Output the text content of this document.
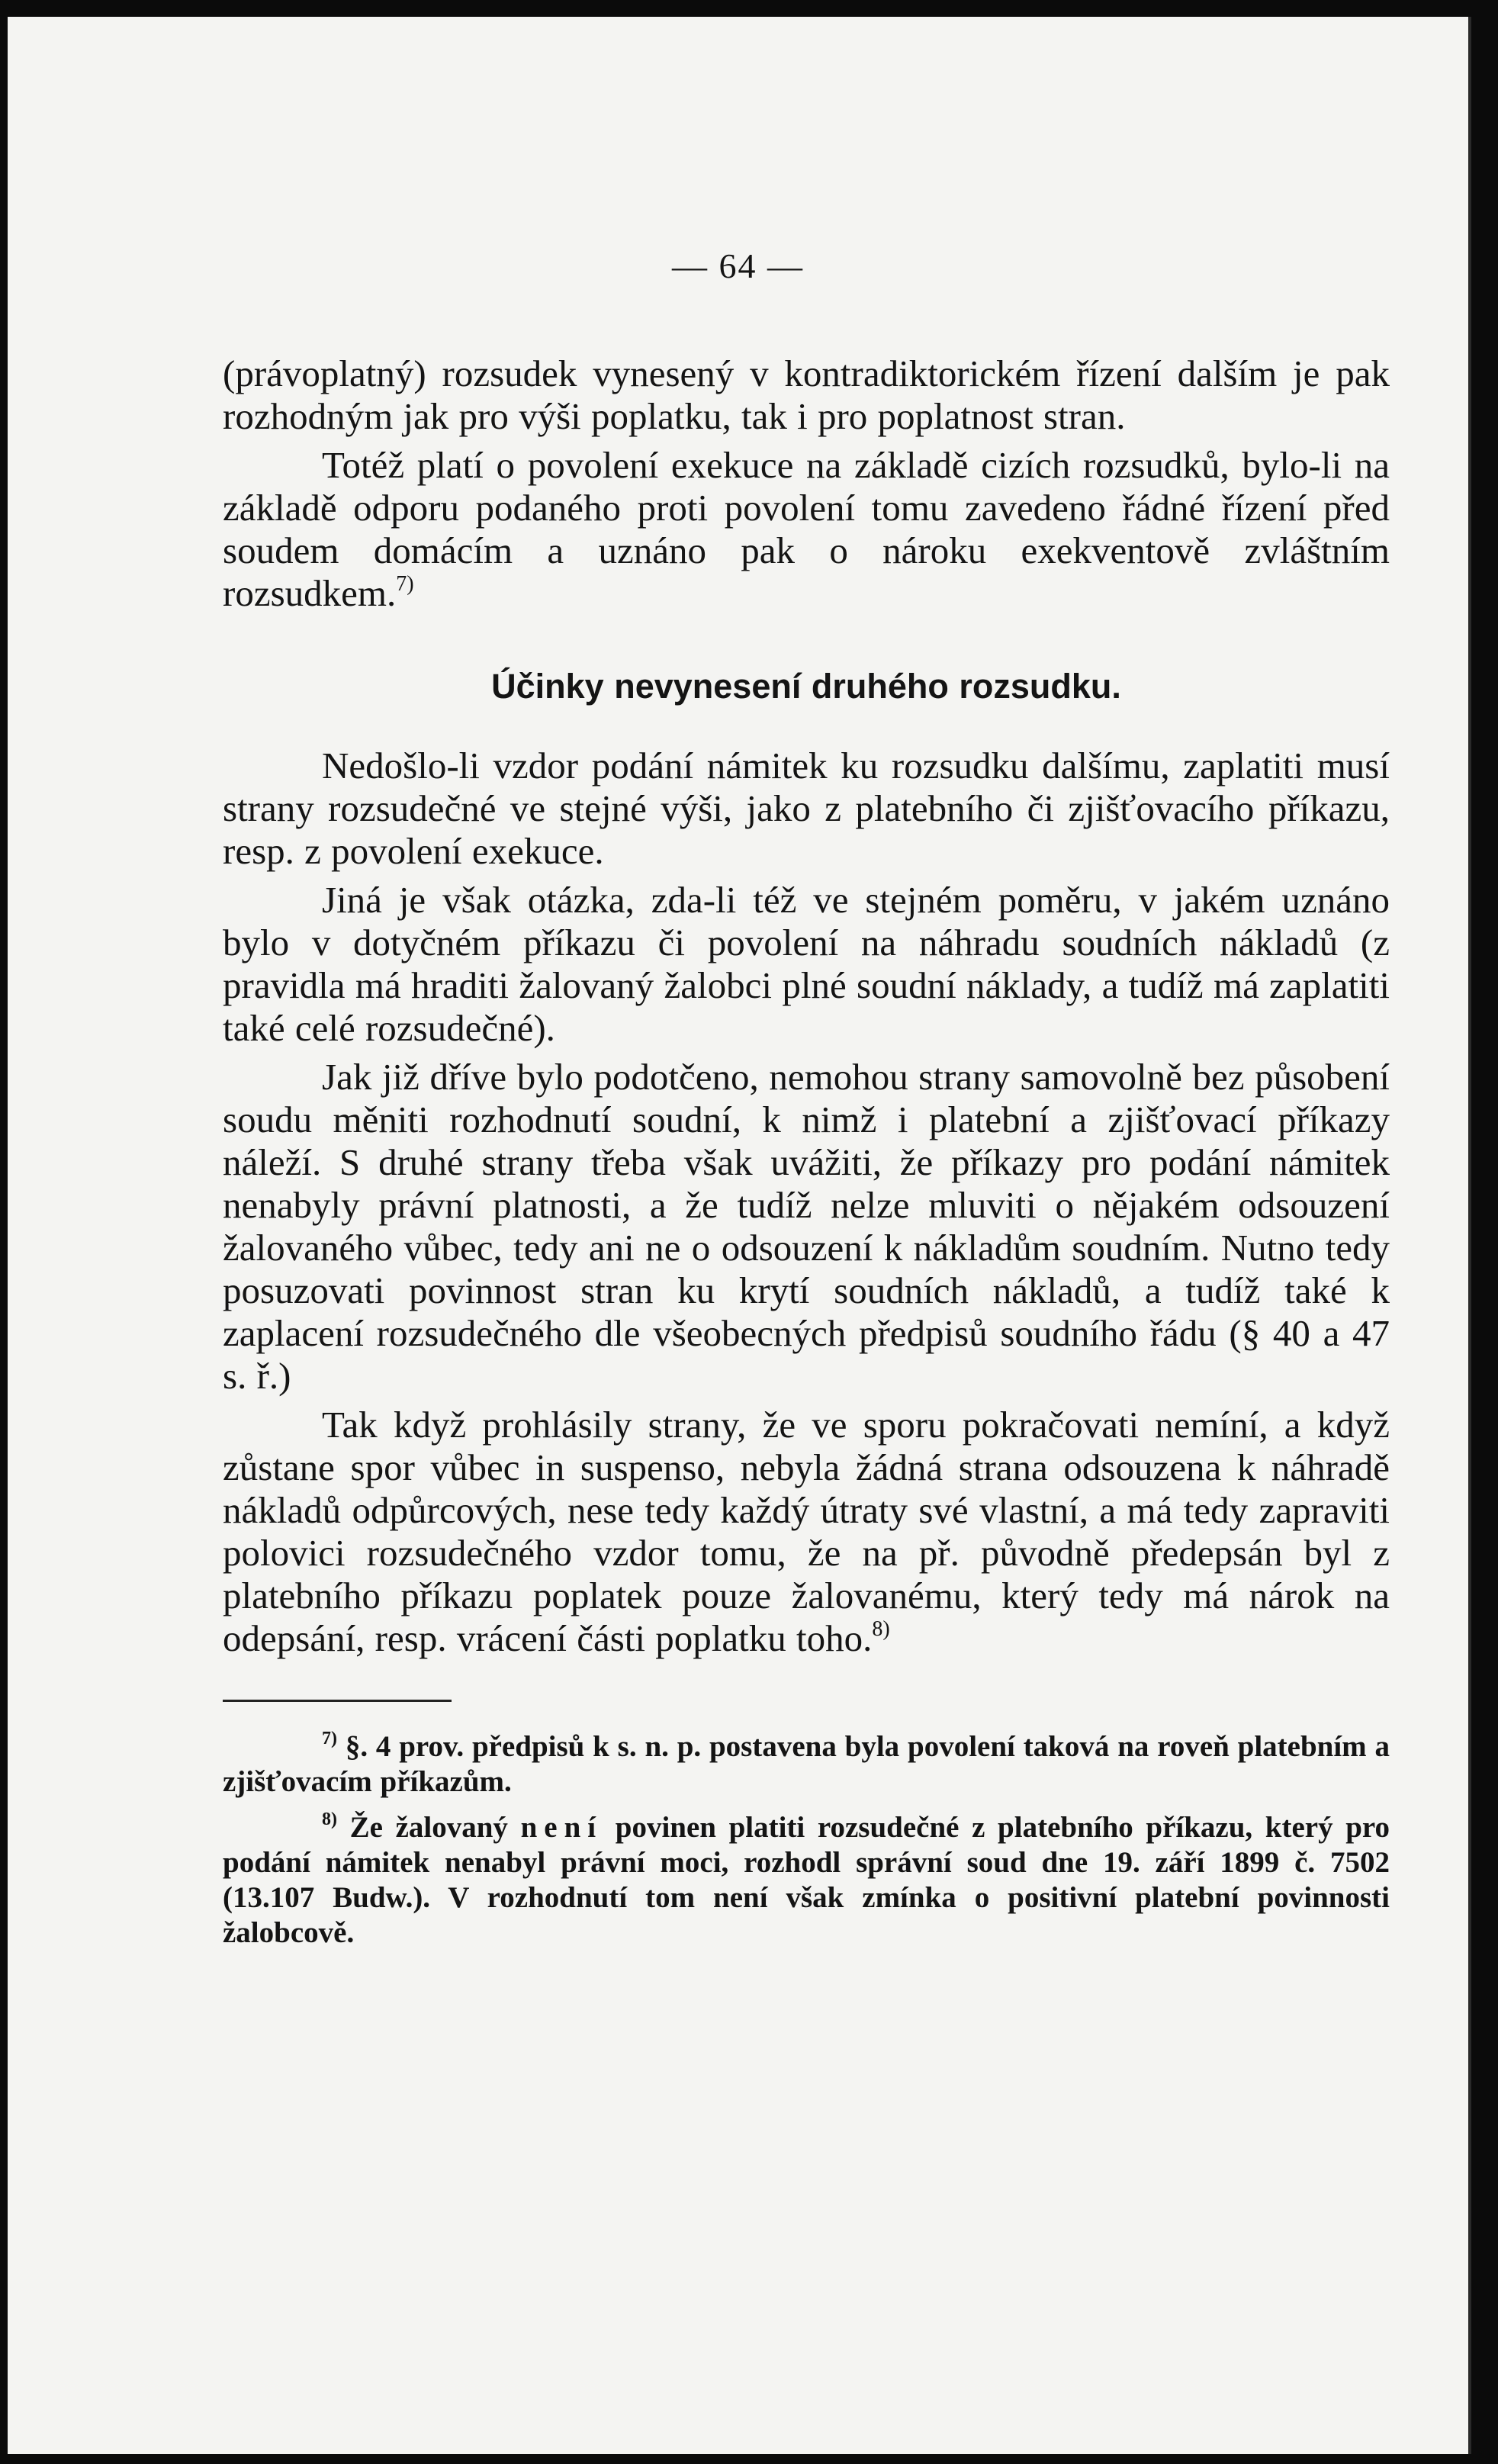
— 64 —

(právoplatný) rozsudek vynesený v kontradiktorickém řízení dalším je pak rozhodným jak pro výši poplatku, tak i pro poplatnost stran.

Totéž platí o povolení exekuce na základě cizích rozsudků, bylo-li na základě odporu podaného proti povolení tomu zavedeno řádné řízení před soudem domácím a uznáno pak o nároku exekventově zvláštním rozsudkem.$^{7)}$

Účinky nevynesení druhého rozsudku.

Nedošlo-li vzdor podání námitek ku rozsudku dalšímu, zaplatiti musí strany rozsudečné ve stejné výši, jako z platebního či zjišťovacího příkazu, resp. z povolení exekuce.

Jiná je však otázka, zda-li též ve stejném poměru, v jakém uznáno bylo v dotyčném příkazu či povolení na náhradu soudních nákladů (z pravidla má hraditi žalovaný žalobci plné soudní náklady, a tudíž má zaplatiti také celé rozsudečné).

Jak již dříve bylo podotčeno, nemohou strany samovolně bez působení soudu měniti rozhodnutí soudní, k nimž i platební a zjišťovací příkazy náleží. S druhé strany třeba však uvážiti, že příkazy pro podání námitek nenabyly právní platnosti, a že tudíž nelze mluviti o nějakém odsouzení žalovaného vůbec, tedy ani ne o odsouzení k nákladům soudním. Nutno tedy posuzovati povinnost stran ku krytí soudních nákladů, a tudíž také k zaplacení rozsudečného dle všeobecných předpisů soudního řádu (§ 40 a 47 s. ř.)

Tak když prohlásily strany, že ve sporu pokračovati nemíní, a když zůstane spor vůbec in suspenso, nebyla žádná strana odsouzena k náhradě nákladů odpůrcových, nese tedy každý útraty své vlastní, a má tedy zapraviti polovici rozsudečného vzdor tomu, že na př. původně předepsán byl z platebního příkazu poplatek pouze žalovanému, který tedy má nárok na odepsání, resp. vrácení části poplatku toho.$^{8)}$

$^{7)}$ §. 4 prov. předpisů k s. n. p. postavena byla povolení taková na roveň platebním a zjišťovacím příkazům.

$^{8)}$ Že žalovaný není povinen platiti rozsudečné z platebního příkazu, který pro podání námitek nenabyl právní moci, rozhodl správní soud dne 19. září 1899 č. 7502 (13.107 Budw.). V rozhodnutí tom není však zmínka o positivní platební povinnosti žalobcově.
